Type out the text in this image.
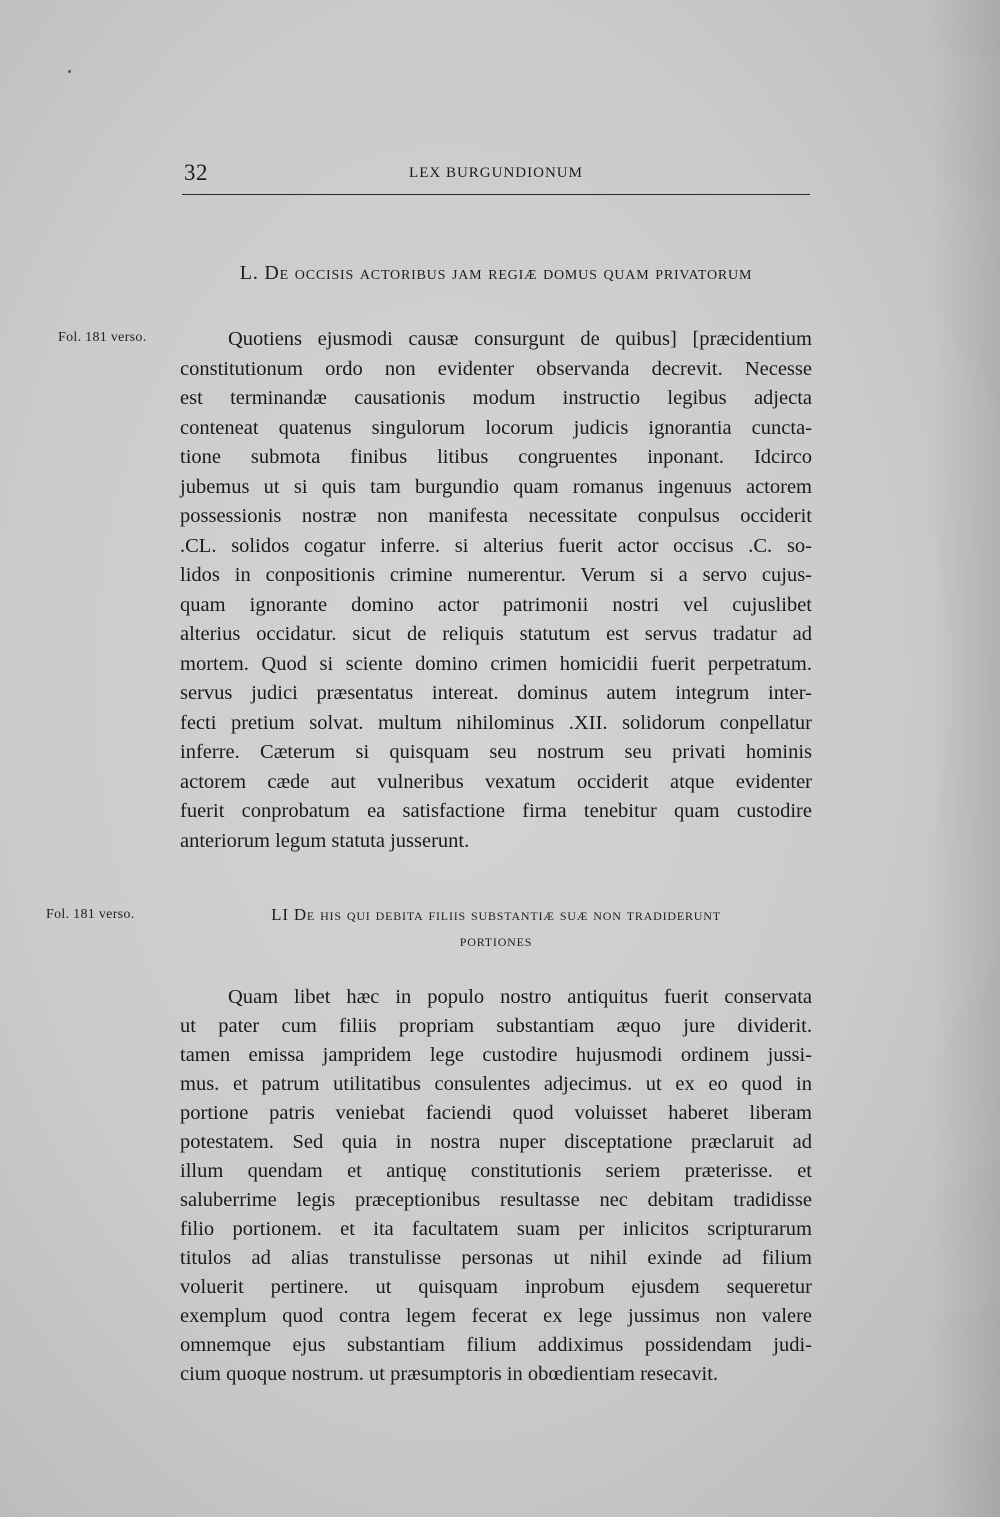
32	LEX BURGUNDIONUM
L. De occisis actoribus jam regiæ domus quam privatorum
Fol. 181 verso.	Quotiens ejusmodi causæ consurgunt de quibus] [præcidentium
constitutionum ordo non evidenter observanda decrevit. Necesse
est terminandæ causationis modum instructio legibus adjecta
conteneat quatenus singulorum locorum judicis ignorantia cuncta-
tione submota finibus litibus congruentes inponant. Idcirco
jubemus ut si quis tam burgundio quam romanus ingenuus actorem
possessionis nostræ non manifesta necessitate conpulsus occiderit
.CL. solidos cogatur inferre. si alterius fuerit actor occisus .C. so-
lidos in conpositionis crimine numerentur. Verum si a servo cujus-
quam ignorante domino actor patrimonii nostri vel cujuslibet
alterius occidatur. sicut de reliquis statutum est servus tradatur ad
mortem. Quod si sciente domino crimen homicidii fuerit perpetratum.
servus judici præsentatus intereat. dominus autem integrum inter-
fecti pretium solvat. multum nihilominus .XII. solidorum conpellatur
inferre. Cæterum si quisquam seu nostrum seu privati hominis
actorem cæde aut vulneribus vexatum occiderit atque evidenter
fuerit conprobatum ea satisfactione firma tenebitur quam custodire
anteriorum legum statuta jusserunt.
Fol. 181 verso.	LI De his qui debita filiis substantiæ suæ non tradiderunt
portiones
Quam libet hæc in populo nostro antiquitus fuerit conservata
ut pater cum filiis propriam substantiam æquo jure dividerit.
tamen emissa jampridem lege custodire hujusmodi ordinem jussi-
mus. et patrum utilitatibus consulentes adjecimus. ut ex eo quod in
portione patris veniebat faciendi quod voluisset haberet liberam
potestatem. Sed quia in nostra nuper disceptatione præclaruit ad
illum quendam et antiquę constitutionis seriem præterisse. et
saluberrime legis præceptionibus resultasse nec debitam tradidisse
filio portionem. et ita facultatem suam per inlicitos scripturarum
titulos ad alias transtulisse personas ut nihil exinde ad filium
voluerit pertinere. ut quisquam inprobum ejusdem sequeretur
exemplum quod contra legem fecerat ex lege jussimus non valere
omnemque ejus substantiam filium addiximus possidendam judi-
cium quoque nostrum. ut præsumptoris in obœdientiam resecavit.
